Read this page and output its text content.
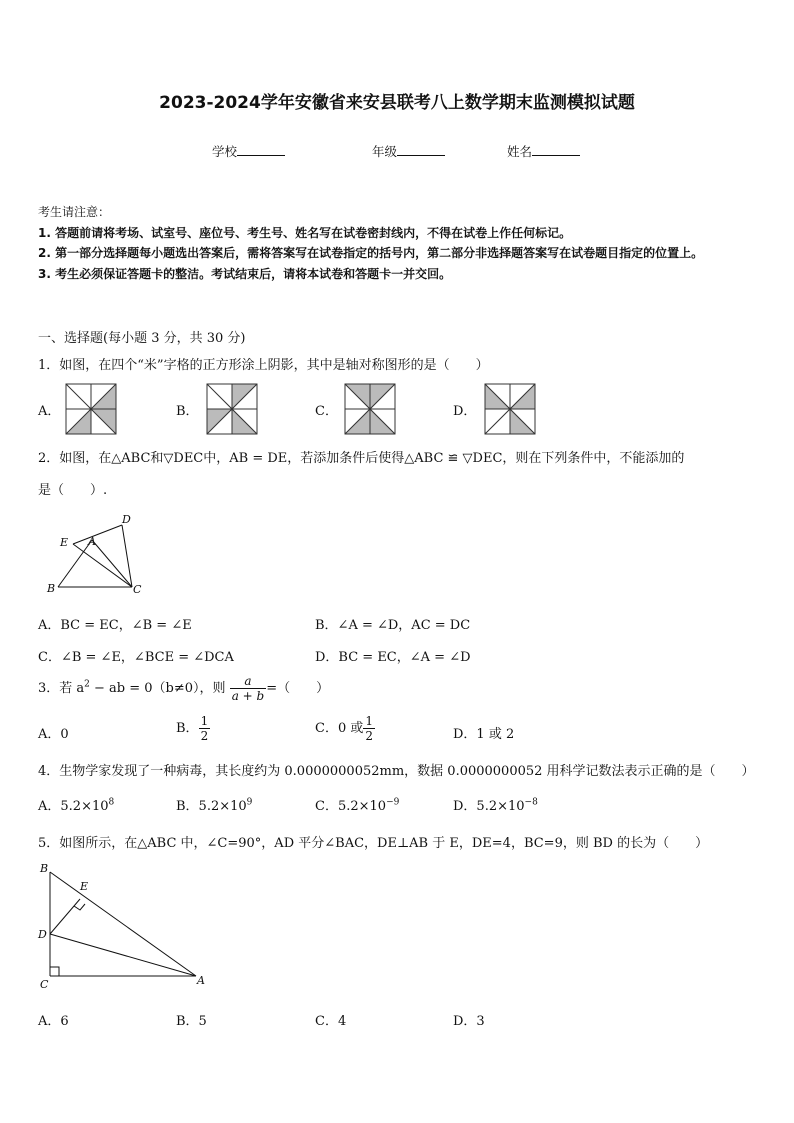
2023-2024学年安徽省来安县联考八上数学期末监测模拟试题
学校	年级	姓名
考生请注意：
1. 答题前请将考场、试室号、座位号、考生号、姓名写在试卷密封线内，不得在试卷上作任何标记。
2. 第一部分选择题每小题选出答案后，需将答案写在试卷指定的括号内，第二部分非选择题答案写在试卷题目指定的位置上。
3. 考生必须保证答题卡的整洁。考试结束后，请将本试卷和答题卡一并交回。
一、选择题(每小题 3 分，共 30 分)
1．如图，在四个“米”字格的正方形涂上阴影，其中是轴对称图形的是（　　）
A．	B．	C．	D．
2．如图，在△ABC和▽DEC中，AB = DE，若添加条件后使得△ABC ≌ ▽DEC，则在下列条件中，不能添加的
是（　　）.
D
E A
B	C
A．BC = EC，∠B = ∠E	B．∠A = ∠D，AC = DC
C．∠B = ∠E，∠BCE = ∠DCA	D．BC = EC，∠A = ∠D
3．若 $a^2$ − ab = 0（b≠0），则 $\frac{a}{a + b}$ =（　　）
A．0	B． $\frac{1}{2}$	C．0 或 $\frac{1}{2}$	D．1 或 2
4．生物学家发现了一种病毒，其长度约为 0.0000000052mm，数据 0.0000000052 用科学记数法表示正确的是（　　）
A．$5.2\times 10^8$	B．$5.2\times 10^9$	C．$5.2\times 10^{-9}$	D．$5.2\times 10^{-8}$
5．如图所示，在△ABC 中，∠C=90°，AD 平分∠BAC，DE⊥AB 于 E，DE=4，BC=9，则 BD 的长为（　　）
B
E
D
C	A
A．6	B．5	C．4	D．3
